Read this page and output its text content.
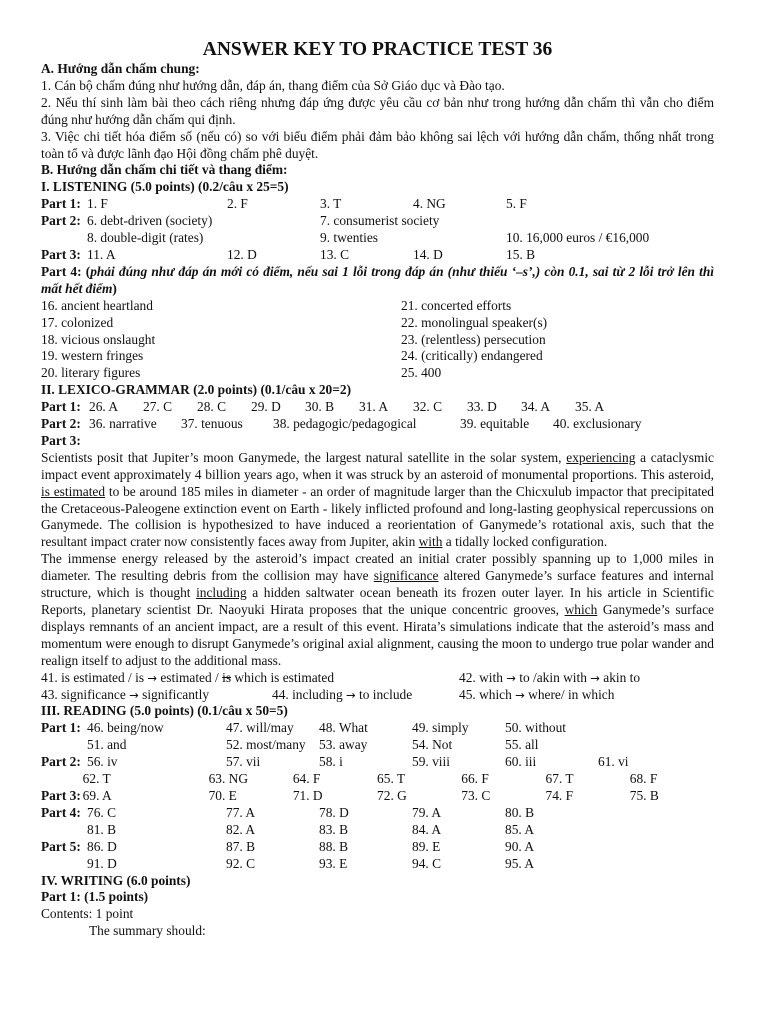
ANSWER KEY TO PRACTICE TEST 36
A. Hướng dẫn chấm chung:
1. Cán bộ chấm đúng như hướng dẫn, đáp án, thang điểm của Sở Giáo dục và Đào tạo.
2. Nếu thí sinh làm bài theo cách riêng nhưng đáp ứng được yêu cầu cơ bản như trong hướng dẫn chấm thì vẫn cho điểm đúng như hướng dẫn chấm qui định.
3. Việc chi tiết hóa điểm số (nếu có) so với biểu điểm phải đảm bảo không sai lệch với hướng dẫn chấm, thống nhất trong toàn tổ và được lãnh đạo Hội đồng chấm phê duyệt.
B. Hướng dẫn chấm chi tiết và thang điểm:
I. LISTENING (5.0 points) (0.2/câu x 25=5)
Part 1: 1. F	2. F	3. T	4. NG	5. F
Part 2: 6. debt-driven (society)	7. consumerist society
8. double-digit (rates)	9. twenties	10. 16,000 euros / €16,000
Part 3: 11. A	12. D	13. C	14. D	15. B
Part 4: (phải đúng như đáp án mới có điểm, nếu sai 1 lỗi trong đáp án (như thiếu ‘–s’,) còn 0.1, sai từ 2 lỗi trở lên thì mất hết điểm)
16. ancient heartland	21. concerted efforts
17. colonized	22. monolingual speaker(s)
18. vicious onslaught	23. (relentless) persecution
19. western fringes	24. (critically) endangered
20. literary figures	25. 400
II. LEXICO-GRAMMAR (2.0 points) (0.1/câu x 20=2)
Part 1: 26. A	27. C	28. C	29. D	30. B	31. A	32. C	33. D	34. A	35. A
Part 2: 36. narrative	37. tenuous	38. pedagogic/pedagogical	39. equitable	40. exclusionary
Part 3:
Scientists posit that Jupiter’s moon Ganymede, the largest natural satellite in the solar system, experiencing a cataclysmic impact event approximately 4 billion years ago, when it was struck by an asteroid of monumental proportions. This asteroid, is estimated to be around 185 miles in diameter - an order of magnitude larger than the Chicxulub impactor that precipitated the Cretaceous-Paleogene extinction event on Earth - likely inflicted profound and long-lasting geophysical repercussions on Ganymede. The collision is hypothesized to have induced a reorientation of Ganymede’s rotational axis, such that the resultant impact crater now consistently faces away from Jupiter, akin with a tidally locked configuration.
The immense energy released by the asteroid’s impact created an initial crater possibly spanning up to 1,000 miles in diameter. The resulting debris from the collision may have significance altered Ganymede’s surface features and internal structure, which is thought including a hidden saltwater ocean beneath its frozen outer layer. In his article in Scientific Reports, planetary scientist Dr. Naoyuki Hirata proposes that the unique concentric grooves, which Ganymede’s surface displays remnants of an ancient impact, are a result of this event. Hirata’s simulations indicate that the asteroid’s mass and momentum were enough to disrupt Ganymede’s original axial alignment, causing the moon to undergo true polar wander and realign itself to adjust to the additional mass.
41. is estimated / is → estimated / is which is estimated	42. with → to /akin with → akin to
43. significance → significantly	44. including → to include	45. which → where/ in which
III. READING (5.0 points) (0.1/câu x 50=5)
Part 1: 46. being/now	47. will/may	48. What	49. simply	50. without
51. and	52. most/many 53. away	54. Not	55. all
Part 2: 56. iv	57. vii	58. i	59. viii	60. iii	61. vi
62. T	63. NG	64. F	65. T	66. F	67. T	68. F
Part 3: 69. A	70. E	71. D	72. G	73. C	74. F	75. B
Part 4: 76. C	77. A	78. D	79. A	80. B
81. B	82. A	83. B	84. A	85. A
Part 5: 86. D	87. B	88. B	89. E	90. A
91. D	92. C	93. E	94. C	95. A
IV. WRITING (6.0 points)
Part 1: (1.5 points)
Contents: 1 point
The summary should:
